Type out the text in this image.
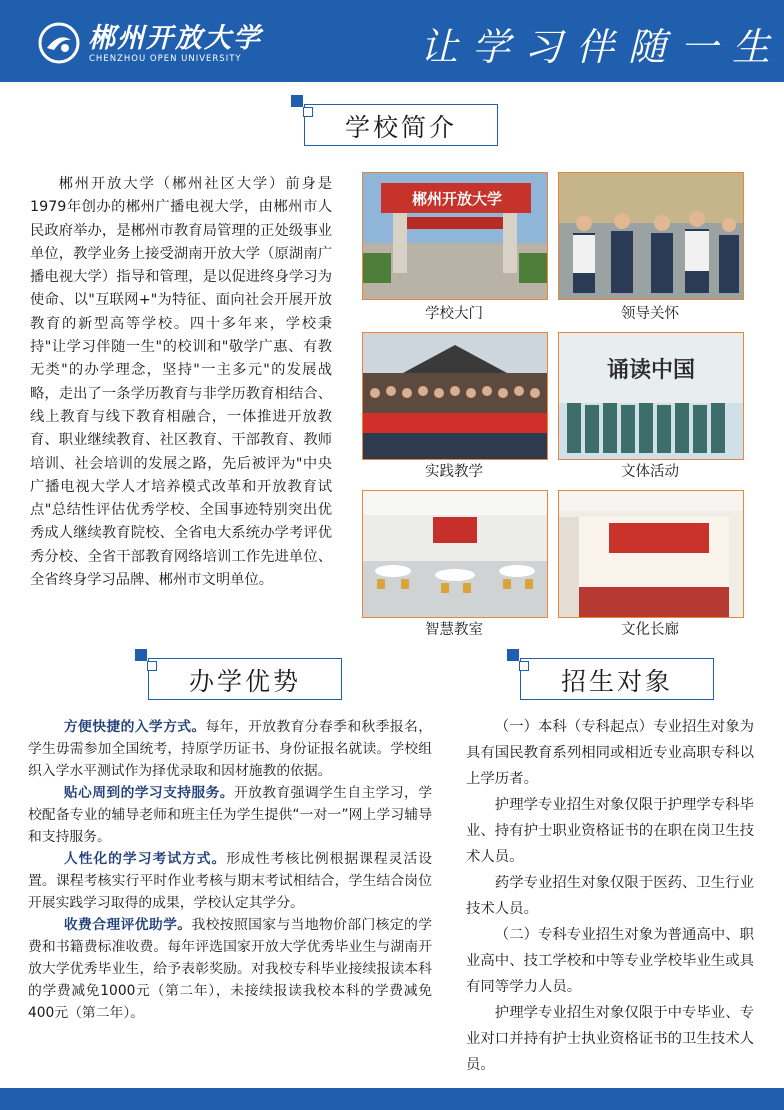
郴州开放大学
CHENZHOU OPEN UNIVERSITY	让学习伴随一生
学校简介

郴州开放大学（郴州社区大学）前身是1979年创办的郴州广播电视大学，由郴州市人民政府举办，是郴州市教育局管理的正处级事业单位，教学业务上接受湖南开放大学（原湖南广播电视大学）指导和管理，是以促进终身学习为使命、以"互联网+"为特征、面向社会开展开放教育的新型高等学校。四十多年来，学校秉持"让学习伴随一生"的校训和"敬学广惠、有教无类"的办学理念，坚持"一主多元"的发展战略，走出了一条学历教育与非学历教育相结合、线上教育与线下教育相融合，一体推进开放教育、职业继续教育、社区教育、干部教育、教师培训、社会培训的发展之路，先后被评为"中央广播电视大学人才培养模式改革和开放教育试点"总结性评估优秀学校、全国事迹特别突出优秀成人继续教育院校、全省电大系统办学考评优秀分校、全省干部教育网络培训工作先进单位、全省终身学习品牌、郴州市文明单位。

郴州开放大学
学校大门	领导关怀
实践教学
诵读中国
文体活动
智慧教室	文化长廊
办学优势	招生对象

方便快捷的入学方式。每年，开放教育分春季和秋季报名，学生毋需参加全国统考，持原学历证书、身份证报名就读。学校组织入学水平测试作为择优录取和因材施教的依据。

贴心周到的学习支持服务。开放教育强调学生自主学习，学校配备专业的辅导老师和班主任为学生提供“一对一”网上学习辅导和支持服务。

人性化的学习考试方式。形成性考核比例根据课程灵活设置。课程考核实行平时作业考核与期末考试相结合，学生结合岗位开展实践学习取得的成果，学校认定其学分。

收费合理评优助学。我校按照国家与当地物价部门核定的学费和书籍费标准收费。每年评选国家开放大学优秀毕业生与湖南开放大学优秀毕业生，给予表彰奖励。对我校专科毕业接续报读本科的学费减免1000元（第二年），未接续报读我校本科的学费减免400元（第二年）。

（一）本科（专科起点）专业招生对象为具有国民教育系列相同或相近专业高职专科以上学历者。

护理学专业招生对象仅限于护理学专科毕业、持有护士职业资格证书的在职在岗卫生技术人员。

药学专业招生对象仅限于医药、卫生行业技术人员。

（二）专科专业招生对象为普通高中、职业高中、技工学校和中等专业学校毕业生或具有同等学力人员。

护理学专业招生对象仅限于中专毕业、专业对口并持有护士执业资格证书的卫生技术人员。
